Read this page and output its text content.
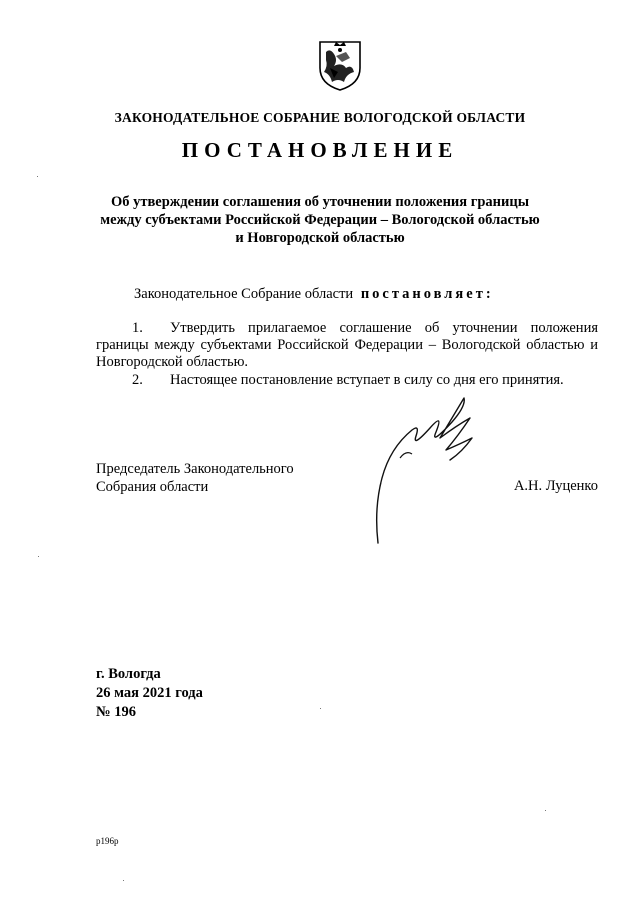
ЗАКОНОДАТЕЛЬНОЕ СОБРАНИЕ ВОЛОГОДСКОЙ ОБЛАСТИ
ПОСТАНОВЛЕНИЕ
Об утверждении соглашения об уточнении положения границы
между субъектами Российской Федерации – Вологодской областью
и Новгородской областью
Законодательное Собрание области постановляет:
1. Утвердить прилагаемое соглашение об уточнении положения границы между субъектами Российской Федерации – Вологодской областью и Новгородской областью.
2. Настоящее постановление вступает в силу со дня его принятия.
Председатель Законодательного
Собрания области	А.Н. Луценко
г. Вологда
26 мая 2021 года
№ 196
р196р
